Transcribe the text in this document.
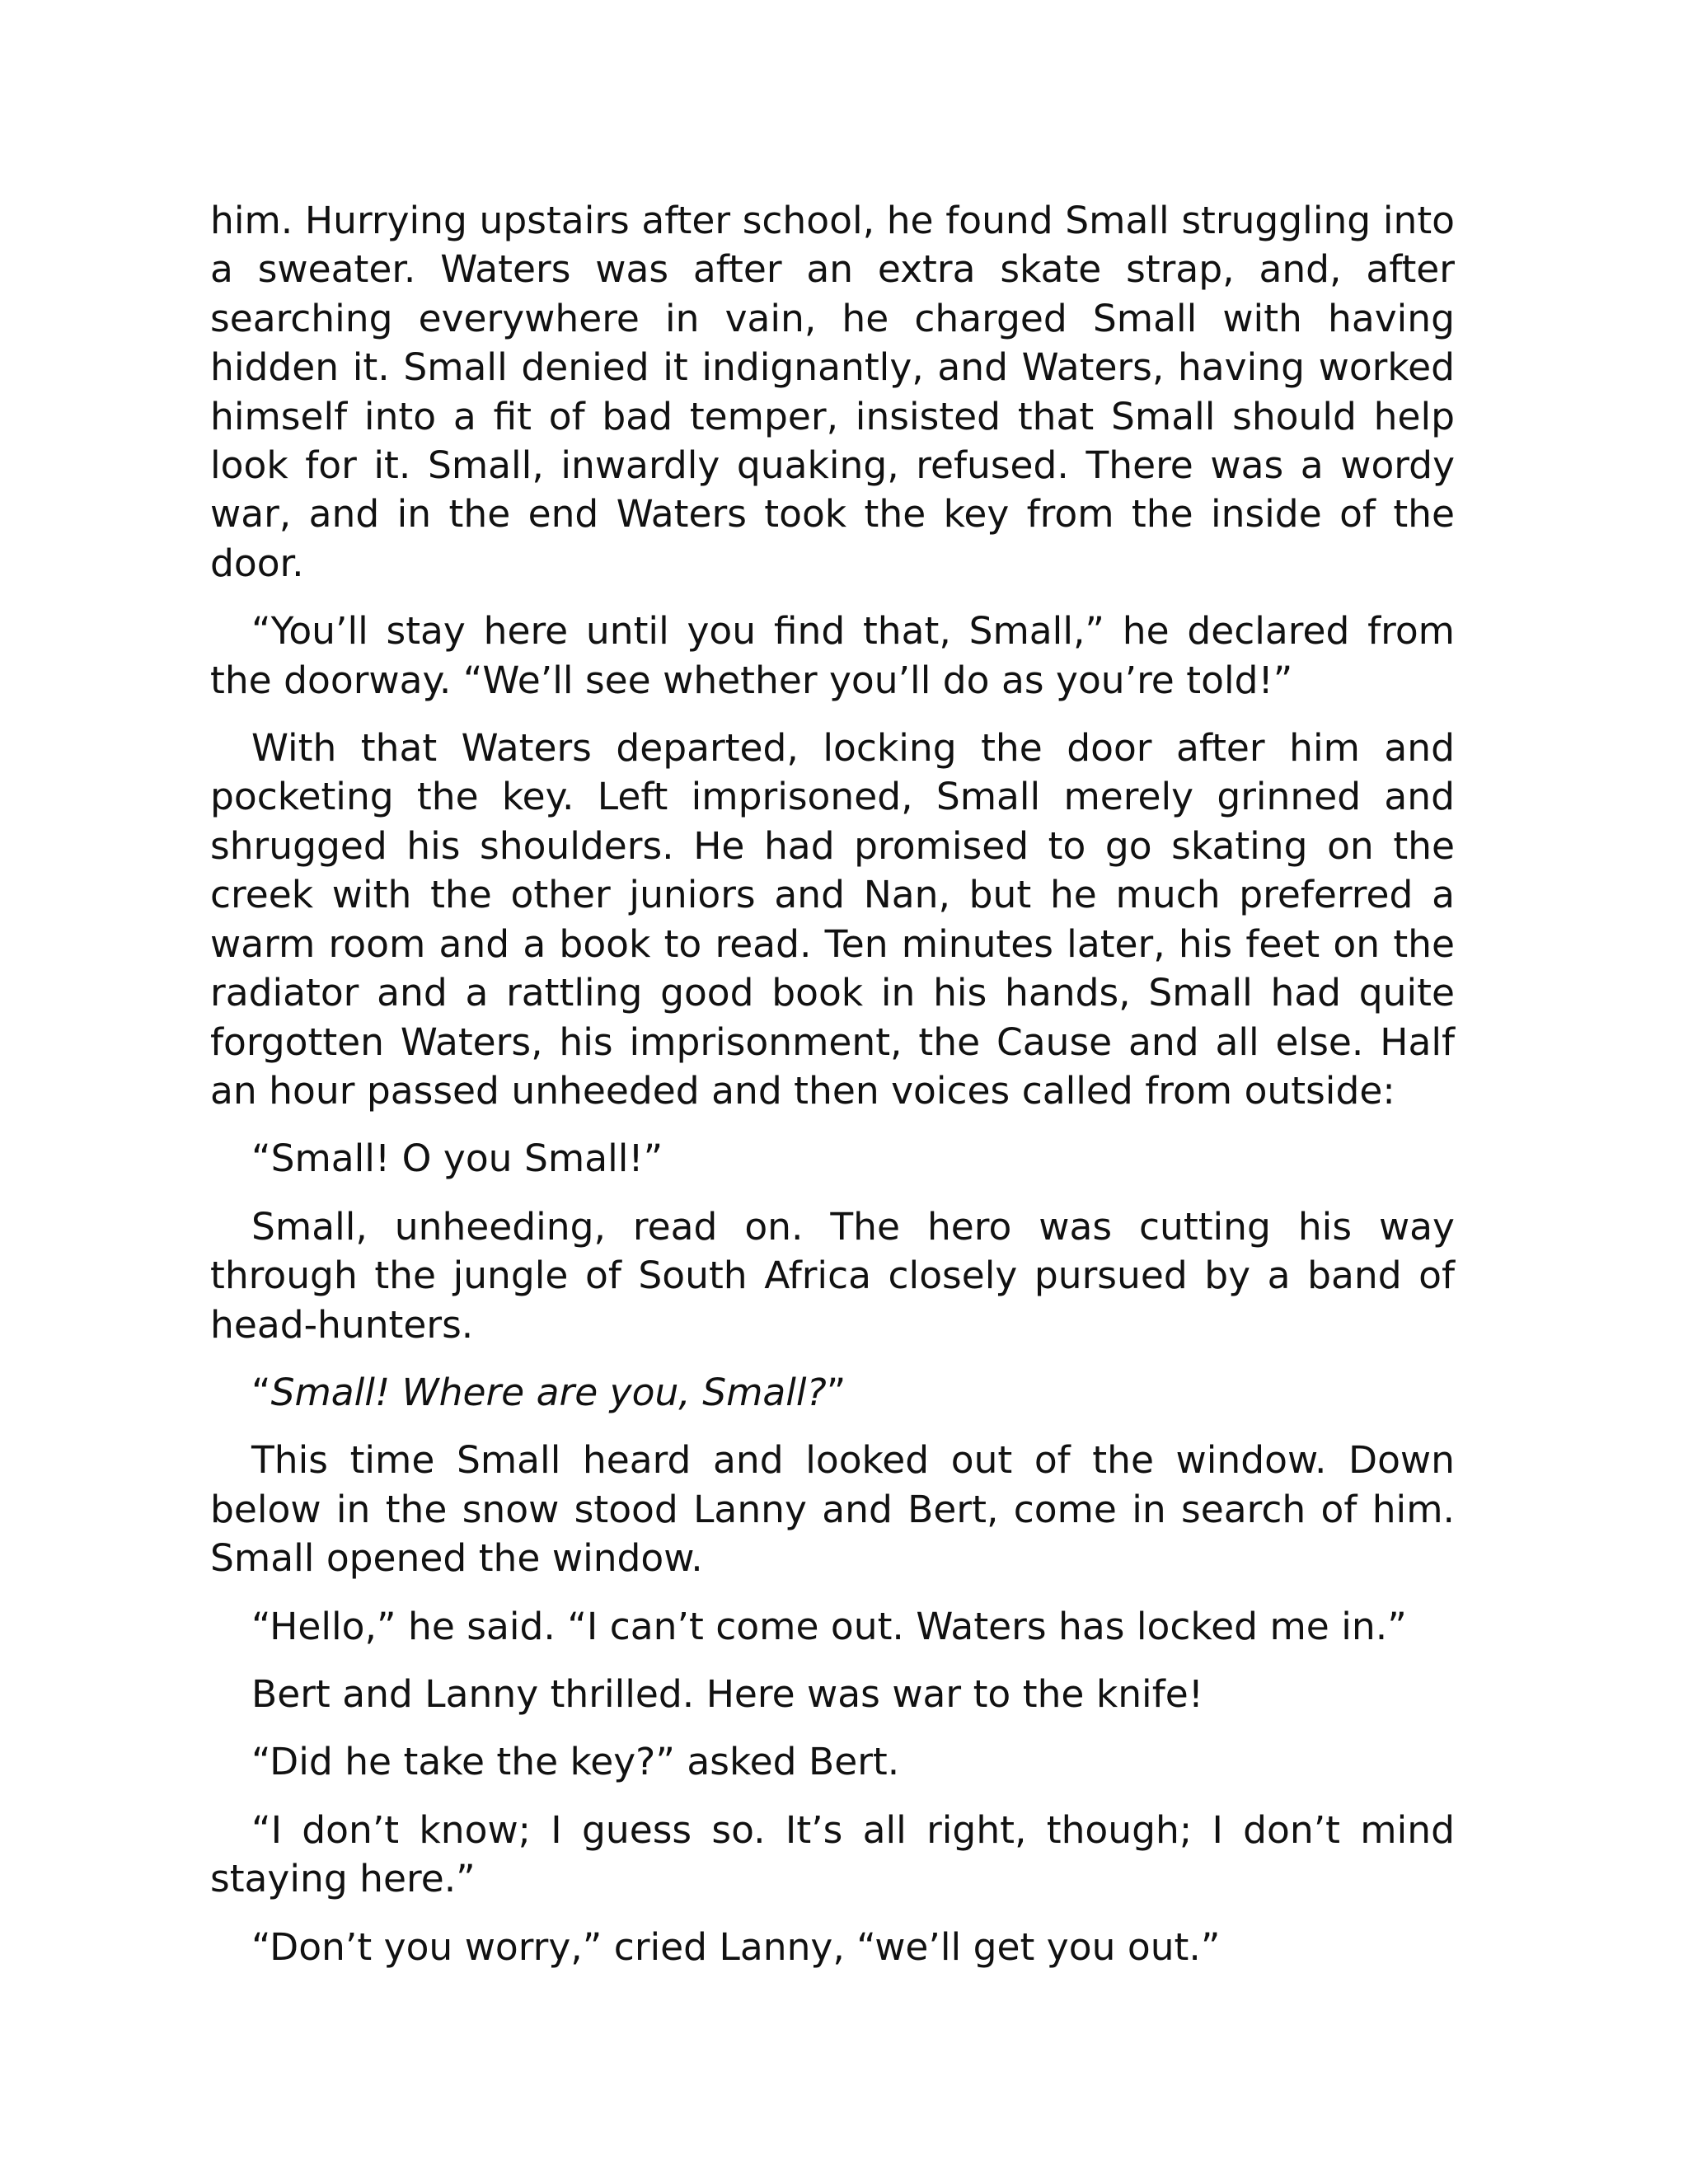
him. Hurrying upstairs after school, he found Small struggling into a sweater. Waters was after an extra skate strap, and, after searching everywhere in vain, he charged Small with having hidden it. Small denied it indignantly, and Waters, having worked himself into a fit of bad temper, insisted that Small should help look for it. Small, inwardly quaking, refused. There was a wordy war, and in the end Waters took the key from the inside of the door.

“You’ll stay here until you find that, Small,” he declared from the doorway. “We’ll see whether you’ll do as you’re told!”

With that Waters departed, locking the door after him and pocketing the key. Left imprisoned, Small merely grinned and shrugged his shoulders. He had promised to go skating on the creek with the other juniors and Nan, but he much preferred a warm room and a book to read. Ten minutes later, his feet on the radiator and a rattling good book in his hands, Small had quite forgotten Waters, his imprisonment, the Cause and all else. Half an hour passed unheeded and then voices called from outside:

“Small! O you Small!”

Small, unheeding, read on. The hero was cutting his way through the jungle of South Africa closely pursued by a band of head-hunters.

“Small! Where are you, Small?”

This time Small heard and looked out of the window. Down below in the snow stood Lanny and Bert, come in search of him. Small opened the window.

“Hello,” he said. “I can’t come out. Waters has locked me in.”

Bert and Lanny thrilled. Here was war to the knife!

“Did he take the key?” asked Bert.

“I don’t know; I guess so. It’s all right, though; I don’t mind staying here.”

“Don’t you worry,” cried Lanny, “we’ll get you out.”
